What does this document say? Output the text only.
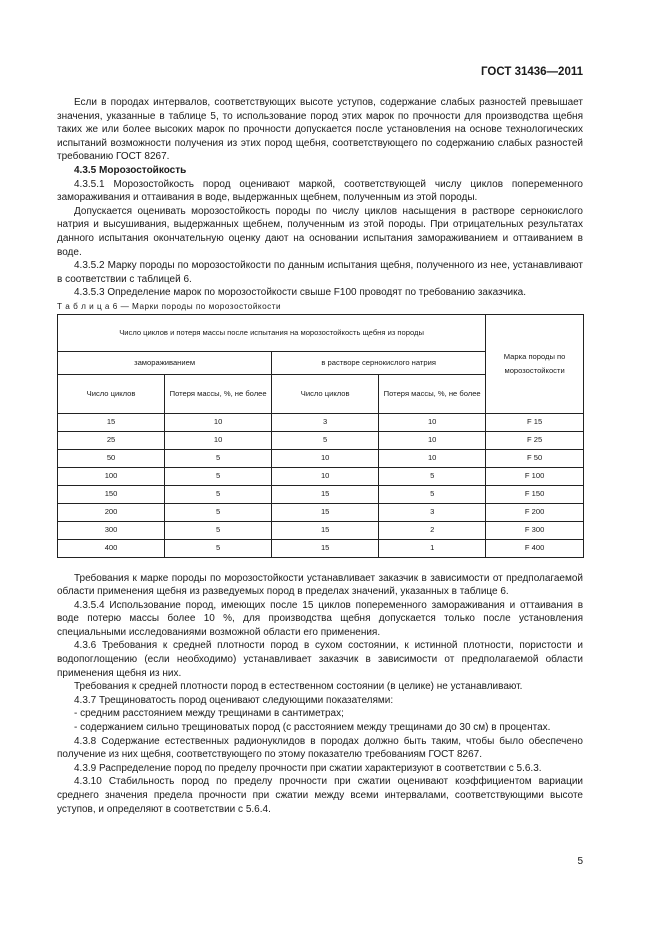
ГОСТ 31436—2011

Если в породах интервалов, соответствующих высоте уступов, содержание слабых разностей превышает значения, указанные в таблице 5, то использование пород этих марок по прочности для производства щебня таких же или более высоких марок по прочности допускается после установления на основе технологических испытаний возможности получения из этих пород щебня, соответствующего по содержанию слабых разностей требованию ГОСТ 8267.

4.3.5 Морозостойкость

4.3.5.1 Морозостойкость пород оценивают маркой, соответствующей числу циклов попеременного замораживания и оттаивания в воде, выдержанных щебнем, полученным из этой породы.

Допускается оценивать морозостойкость породы по числу циклов насыщения в растворе сернокислого натрия и высушивания, выдержанных щебнем, полученным из этой породы. При отрицательных результатах данного испытания окончательную оценку дают на основании испытания замораживанием и оттаиванием в воде.

4.3.5.2 Марку породы по морозостойкости по данным испытания щебня, полученного из нее, устанавливают в соответствии с таблицей 6.

4.3.5.3 Определение марок по морозостойкости свыше F100 проводят по требованию заказчика.

Т а б л и ц а 6 — Марки породы по морозостойкости

Число циклов и потеря массы после испытания на морозостойкость щебня из породы				Марка породы по морозостойкости
замораживанием		в растворе сернокислого натрия		
Число циклов	Потеря массы, %, не более	Число циклов	Потеря массы, %, не более	
15	10	3	10	F 15
25	10	5	10	F 25
50	5	10	10	F 50
100	5	10	5	F 100
150	5	15	5	F 150
200	5	15	3	F 200
300	5	15	2	F 300
400	5	15	1	F 400

Требования к марке породы по морозостойкости устанавливает заказчик в зависимости от предполагаемой области применения щебня из разведуемых пород в пределах значений, указанных в таблице 6.

4.3.5.4 Использование пород, имеющих после 15 циклов попеременного замораживания и оттаивания в воде потерю массы более 10 %, для производства щебня допускается только после установления специальными исследованиями возможной области его применения.

4.3.6 Требования к средней плотности пород в сухом состоянии, к истинной плотности, пористости и водопоглощению (если необходимо) устанавливает заказчик в зависимости от предполагаемой области применения щебня из них.

Требования к средней плотности пород в естественном состоянии (в целике) не устанавливают.

4.3.7 Трещиноватость пород оценивают следующими показателями:

- средним расстоянием между трещинами в сантиметрах;

- содержанием сильно трещиноватых пород (с расстоянием между трещинами до 30 см) в процентах.

4.3.8 Содержание естественных радионуклидов в породах должно быть таким, чтобы было обеспечено получение из них щебня, соответствующего по этому показателю требованиям ГОСТ 8267.

4.3.9 Распределение пород по пределу прочности при сжатии характеризуют в соответствии с 5.6.3.

4.3.10 Стабильность пород по пределу прочности при сжатии оценивают коэффициентом вариации среднего значения предела прочности при сжатии между всеми интервалами, соответствующими высоте уступов, и определяют в соответствии с 5.6.4.

5
